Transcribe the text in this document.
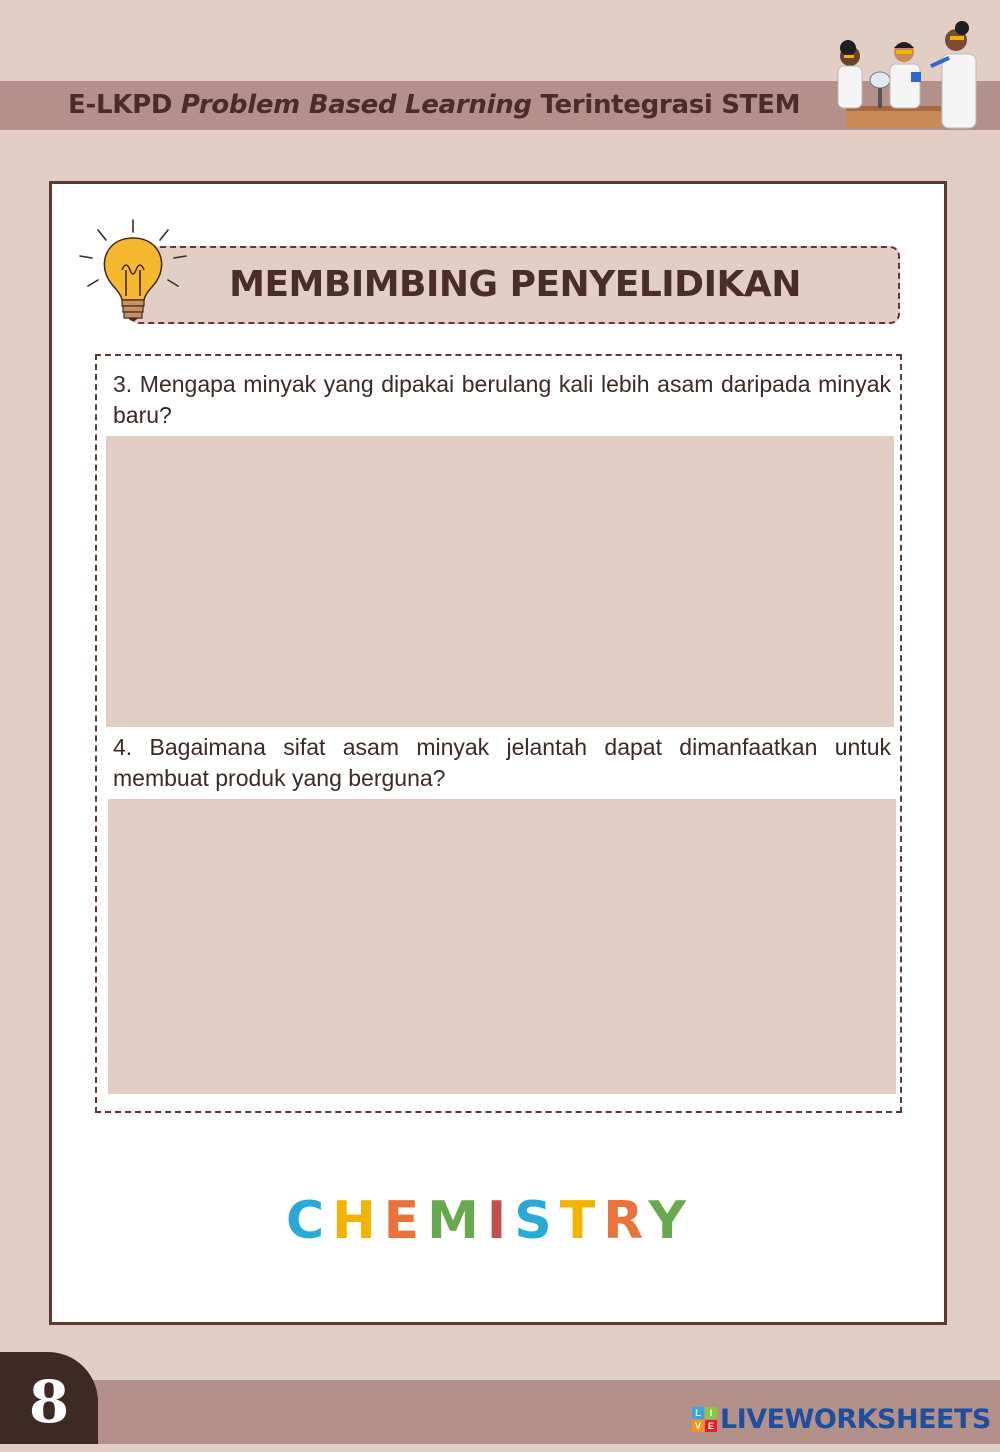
E-LKPD Problem Based Learning Terintegrasi STEM
MEMBIMBING PENYELIDIKAN
3. Mengapa minyak yang dipakai berulang kali lebih asam daripada minyak baru?
4. Bagaimana sifat asam minyak jelantah dapat dimanfaatkan untuk membuat produk yang berguna?
CHEMISTRY
8	L I
V E LIVEWORKSHEETS
